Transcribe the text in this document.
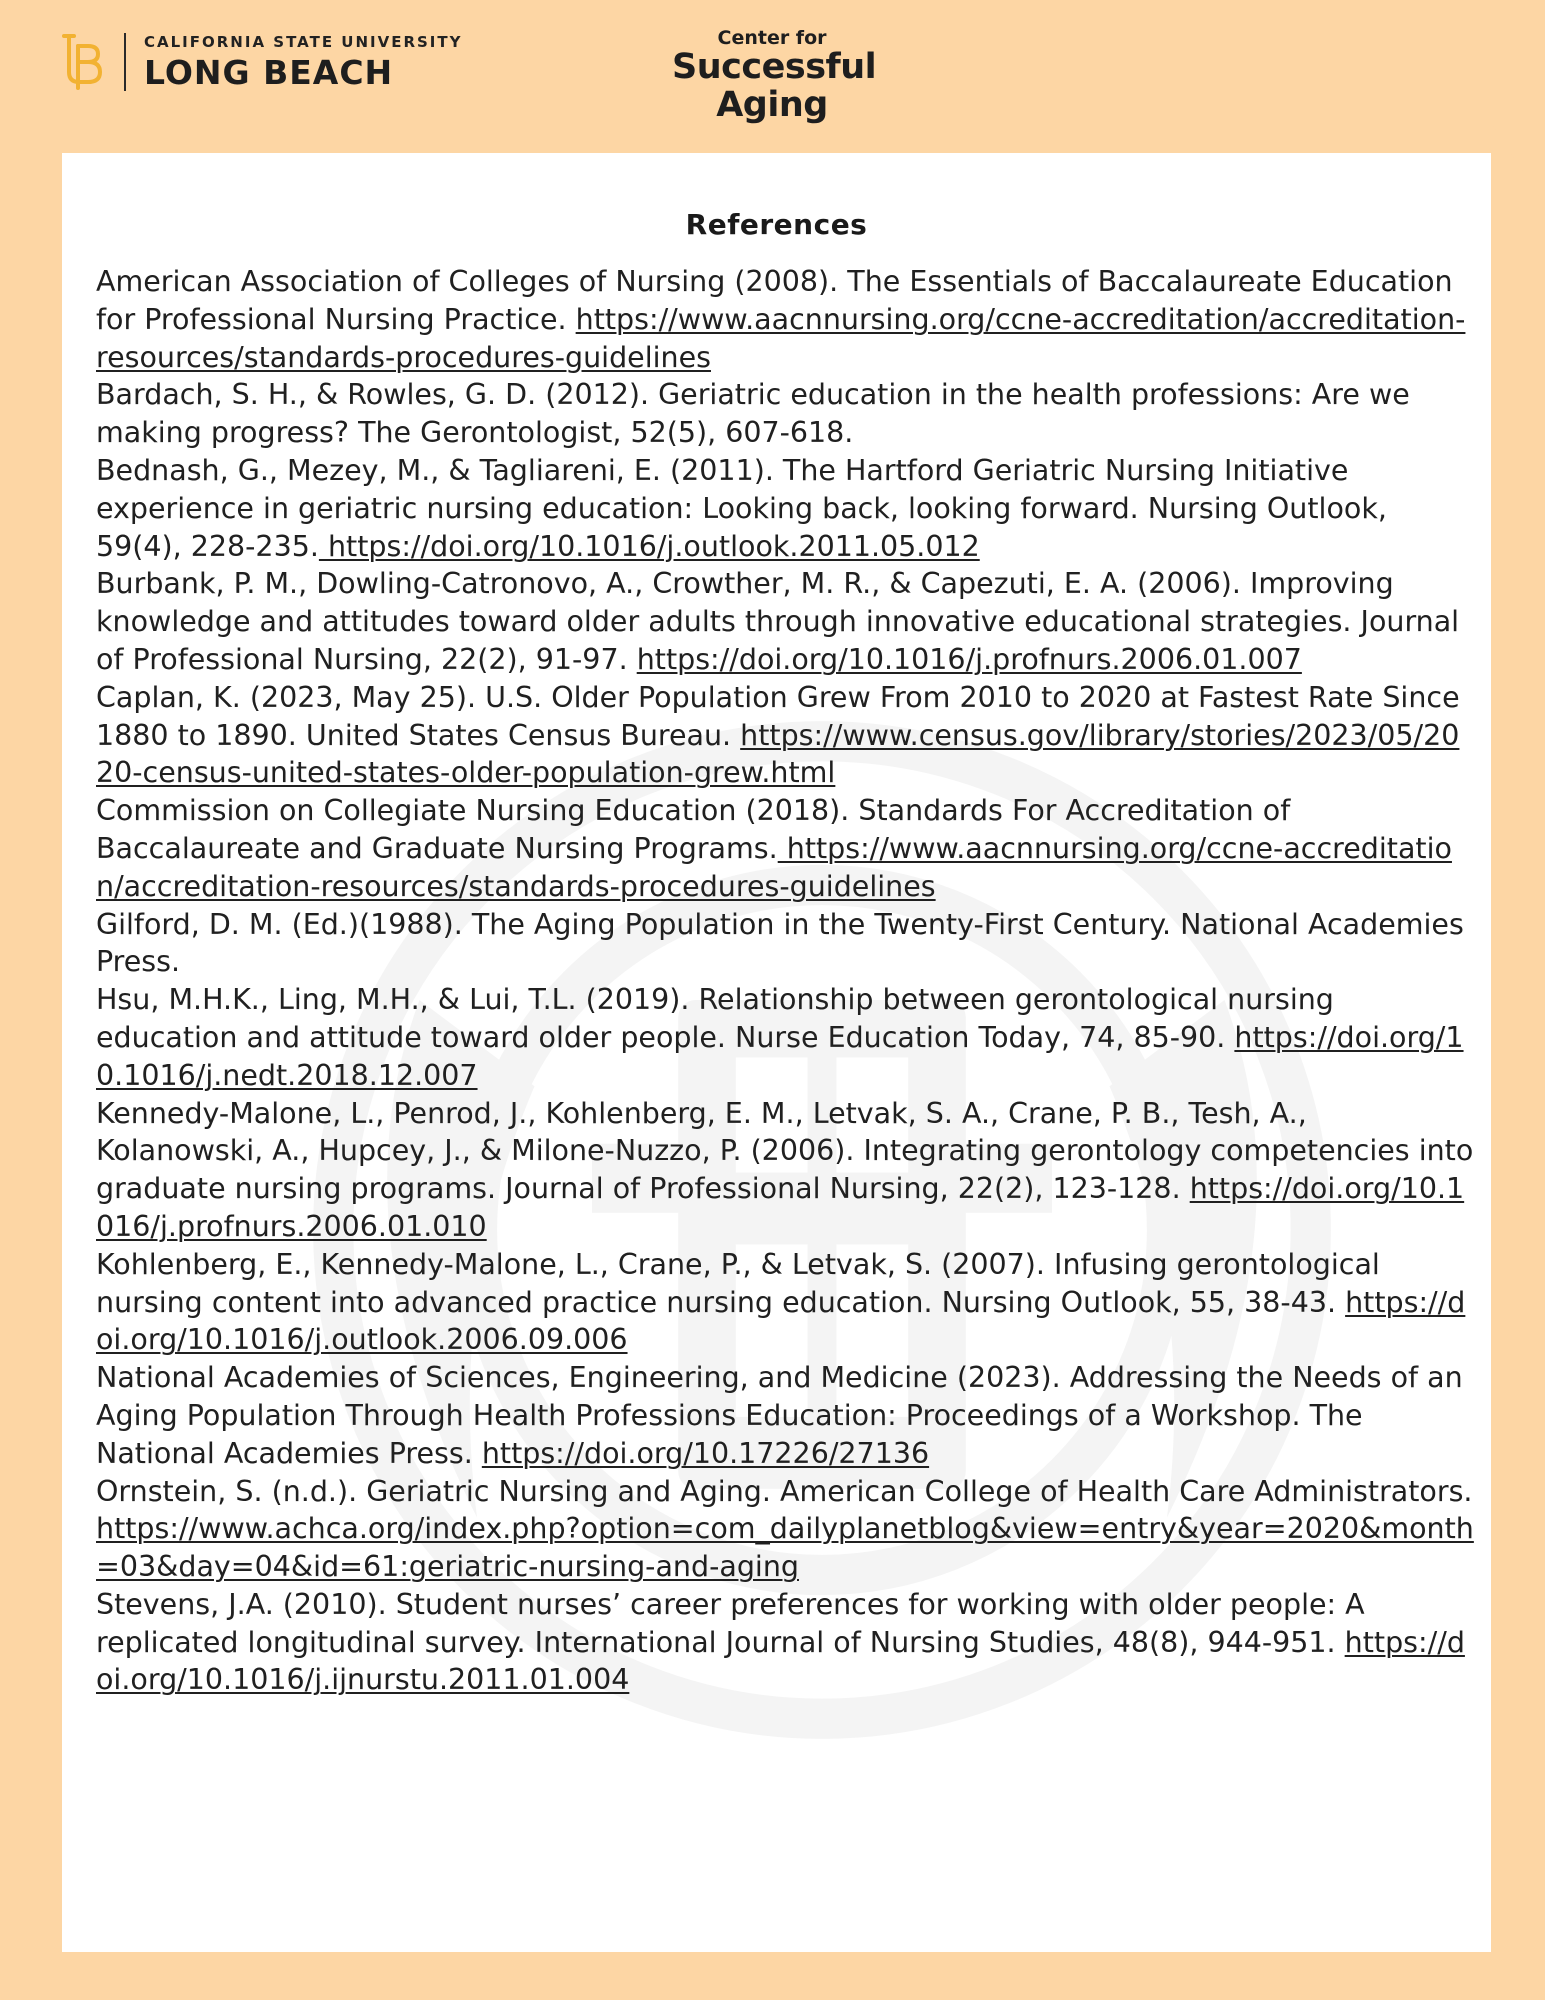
CALIFORNIA STATE UNIVERSITY
LONG BEACH
Center for
Successful
Aging
References

American Association of Colleges of Nursing (2008). The Essentials of Baccalaureate Education for Professional Nursing Practice. https://www.aacnnursing.org/ccne-accreditation/accreditation-resources/standards-procedures-guidelines

Bardach, S. H., & Rowles, G. D. (2012). Geriatric education in the health professions: Are we making progress? The Gerontologist, 52(5), 607-618.

Bednash, G., Mezey, M., & Tagliareni, E. (2011). The Hartford Geriatric Nursing Initiative experience in geriatric nursing education: Looking back, looking forward. Nursing Outlook, 59(4), 228-235. https://doi.org/10.1016/j.outlook.2011.05.012

Burbank, P. M., Dowling-Catronovo, A., Crowther, M. R., & Capezuti, E. A. (2006). Improving knowledge and attitudes toward older adults through innovative educational strategies. Journal of Professional Nursing, 22(2), 91-97. https://doi.org/10.1016/j.profnurs.2006.01.007

Caplan, K. (2023, May 25). U.S. Older Population Grew From 2010 to 2020 at Fastest Rate Since 1880 to 1890. United States Census Bureau. https://www.census.gov/library/stories/2023/05/2020-census-united-states-older-population-grew.html

Commission on Collegiate Nursing Education (2018). Standards For Accreditation of Baccalaureate and Graduate Nursing Programs. https://www.aacnnursing.org/ccne-accreditation/accreditation-resources/standards-procedures-guidelines

Gilford, D. M. (Ed.)(1988). The Aging Population in the Twenty-First Century. National Academies Press.

Hsu, M.H.K., Ling, M.H., & Lui, T.L. (2019). Relationship between gerontological nursing education and attitude toward older people. Nurse Education Today, 74, 85-90. https://doi.org/10.1016/j.nedt.2018.12.007

Kennedy-Malone, L., Penrod, J., Kohlenberg, E. M., Letvak, S. A., Crane, P. B., Tesh, A., Kolanowski, A., Hupcey, J., & Milone-Nuzzo, P. (2006). Integrating gerontology competencies into graduate nursing programs. Journal of Professional Nursing, 22(2), 123-128. https://doi.org/10.1016/j.profnurs.2006.01.010

Kohlenberg, E., Kennedy-Malone, L., Crane, P., & Letvak, S. (2007). Infusing gerontological nursing content into advanced practice nursing education. Nursing Outlook, 55, 38-43. https://doi.org/10.1016/j.outlook.2006.09.006

National Academies of Sciences, Engineering, and Medicine (2023). Addressing the Needs of an Aging Population Through Health Professions Education: Proceedings of a Workshop. The National Academies Press. https://doi.org/10.17226/27136

Ornstein, S. (n.d.). Geriatric Nursing and Aging. American College of Health Care Administrators. https://www.achca.org/index.php?option=com_dailyplanetblog&view=entry&year=2020&month=03&day=04&id=61:geriatric-nursing-and-aging

Stevens, J.A. (2010). Student nurses’ career preferences for working with older people: A replicated longitudinal survey. International Journal of Nursing Studies, 48(8), 944-951. https://doi.org/10.1016/j.ijnurstu.2011.01.004
